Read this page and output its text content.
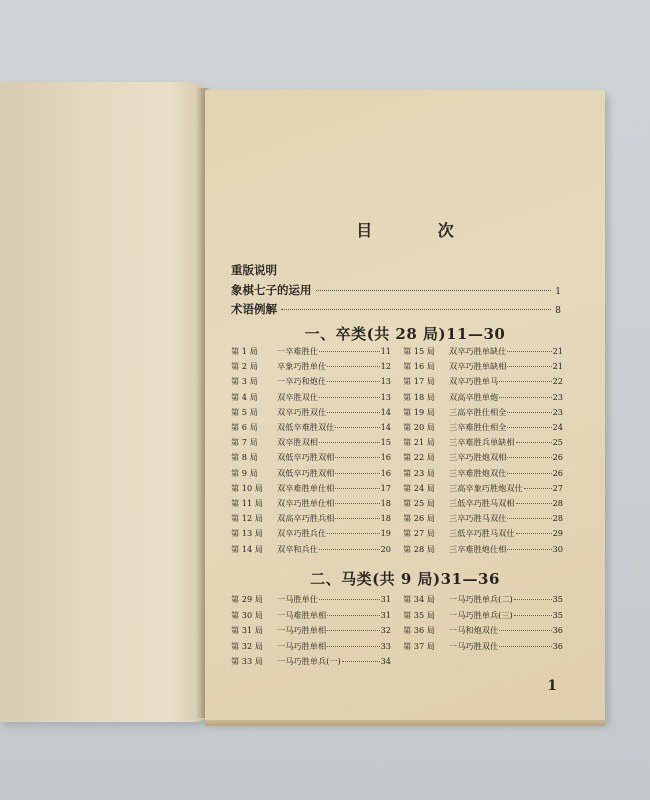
目 次
重版说明
象棋七子的运用	1
术语例解	8
一、卒类(共 28 局)11—30
第 1 局	一卒难胜仕	11
第 2 局	卒象巧胜单仕	12
第 3 局	一卒巧和炮仕	13
第 4 局	双卒胜双仕	13
第 5 局	双卒巧胜双仕	14
第 6 局	双低卒难胜双仕	14
第 7 局	双卒胜双相	15
第 8 局	双低卒巧胜双相	16
第 9 局	双低卒巧胜双相	16
第 10 局	双卒难胜单仕相	17
第 11 局	双卒巧胜单仕相	18
第 12 局	双高卒巧胜兵相	18
第 13 局	双卒巧胜兵仕	19
第 14 局	双卒和兵仕	20
第 15 局	双卒巧胜单缺仕	21
第 16 局	双卒巧胜单缺相	21
第 17 局	双卒巧胜单马	22
第 18 局	双高卒胜单炮	23
第 19 局	三高卒胜仕相全	23
第 20 局	三卒难胜仕相全	24
第 21 局	三卒难胜兵单缺相	25
第 22 局	三卒巧胜炮双相	26
第 23 局	三卒难胜炮双仕	26
第 24 局	三高卒象巧胜炮双仕	27
第 25 局	三低卒巧胜马双相	28
第 26 局	三卒巧胜马双仕	28
第 27 局	三低卒巧胜马双仕	29
第 28 局	三卒难胜炮仕相	30
二、马类(共 9 局)31—36
第 29 局	一马胜单仕	31
第 30 局	一马难胜单相	31
第 31 局	一马巧胜单相	32
第 32 局	一马巧胜单相	33
第 33 局	一马巧胜单兵(一)	34
第 34 局	一马巧胜单兵(二)	35
第 35 局	一马巧胜单兵(三)	35
第 36 局	一马和炮双仕	36
第 37 局	一马巧胜双仕	36
1
